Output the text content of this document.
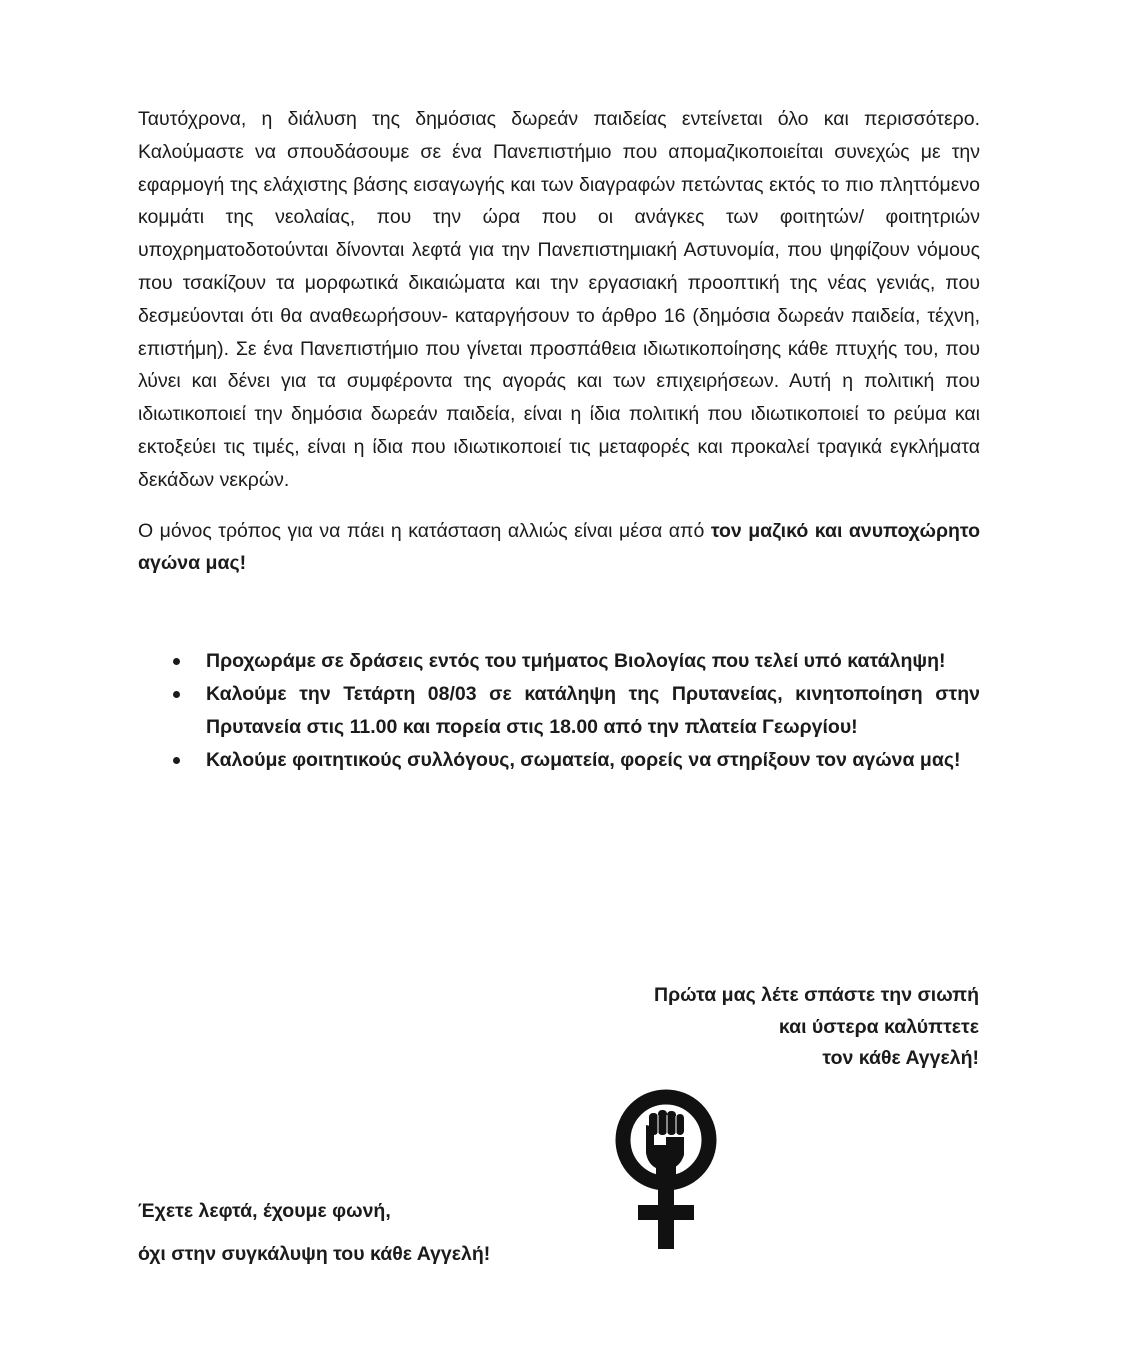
Ταυτόχρονα, η διάλυση της δημόσιας δωρεάν παιδείας εντείνεται όλο και περισσότερο. Καλούμαστε να σπουδάσουμε σε ένα Πανεπιστήμιο που απομαζικοποιείται συνεχώς με την εφαρμογή της ελάχιστης βάσης εισαγωγής και των διαγραφών πετώντας εκτός το πιο πληττόμενο κομμάτι της νεολαίας, που την ώρα που οι ανάγκες των φοιτητών/ φοιτητριών υποχρηματοδοτούνται δίνονται λεφτά για την Πανεπιστημιακή Αστυνομία, που ψηφίζουν νόμους που τσακίζουν τα μορφωτικά δικαιώματα και την εργασιακή προοπτική της νέας γενιάς, που δεσμεύονται ότι θα αναθεωρήσουν- καταργήσουν το άρθρο 16 (δημόσια δωρεάν παιδεία, τέχνη, επιστήμη). Σε ένα Πανεπιστήμιο που γίνεται προσπάθεια ιδιωτικοποίησης κάθε πτυχής του, που λύνει και δένει για τα συμφέροντα της αγοράς και των επιχειρήσεων. Αυτή η πολιτική που ιδιωτικοποιεί την δημόσια δωρεάν παιδεία, είναι η ίδια πολιτική που ιδιωτικοποιεί το ρεύμα και εκτοξεύει τις τιμές, είναι η ίδια που ιδιωτικοποιεί τις μεταφορές και προκαλεί τραγικά εγκλήματα δεκάδων νεκρών.

Ο μόνος τρόπος για να πάει η κατάσταση αλλιώς είναι μέσα από τον μαζικό και ανυποχώρητο αγώνα μας!

Προχωράμε σε δράσεις εντός του τμήματος Βιολογίας που τελεί υπό κατάληψη!
Καλούμε την Τετάρτη 08/03 σε κατάληψη της Πρυτανείας, κινητοποίηση στην Πρυτανεία στις 11.00 και πορεία στις 18.00 από την πλατεία Γεωργίου!
Καλούμε φοιτητικούς συλλόγους, σωματεία, φορείς να στηρίξουν τον αγώνα μας!
Πρώτα μας λέτε σπάστε την σιωπή
και ύστερα καλύπτετε
τον κάθε Αγγελή!
Έχετε λεφτά, έχουμε φωνή,
όχι στην συγκάλυψη του κάθε Αγγελή!
